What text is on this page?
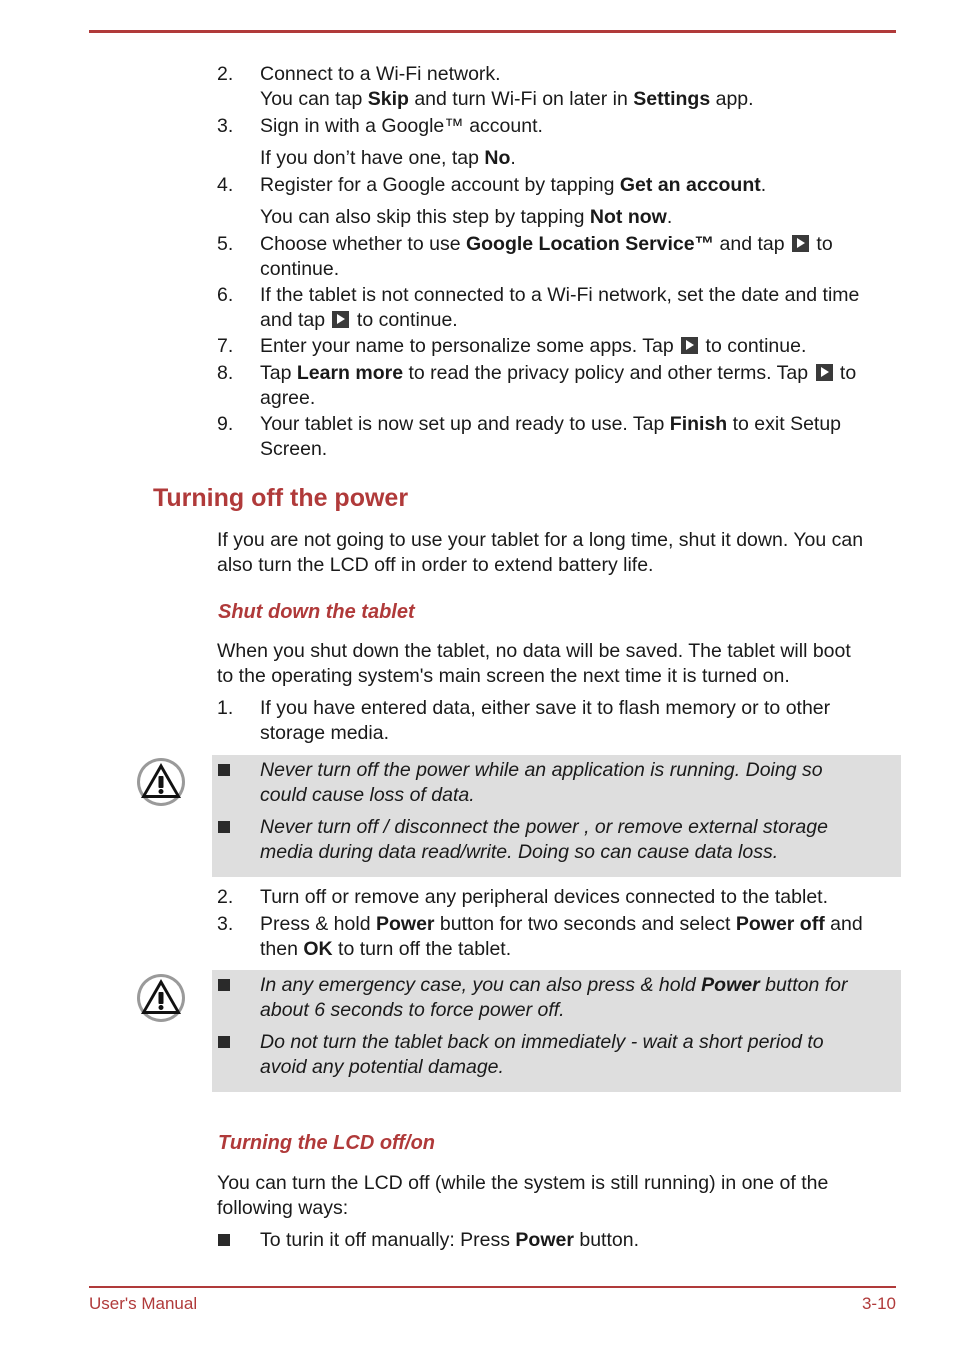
2. Connect to a Wi-Fi network.
You can tap Skip and turn Wi-Fi on later in Settings app.
3. Sign in with a Google™ account.
If you don’t have one, tap No.
4. Register for a Google account by tapping Get an account.
You can also skip this step by tapping Not now.
5. Choose whether to use Google Location Service™ and tap  to
continue.
6. If the tablet is not connected to a Wi-Fi network, set the date and time
and tap  to continue.
7. Enter your name to personalize some apps. Tap  to continue.
8. Tap Learn more to read the privacy policy and other terms. Tap  to
agree.
9. Your tablet is now set up and ready to use. Tap Finish to exit Setup
Screen.
Turning off the power
If you are not going to use your tablet for a long time, shut it down. You can
also turn the LCD off in order to extend battery life.
Shut down the tablet
When you shut down the tablet, no data will be saved. The tablet will boot
to the operating system's main screen the next time it is turned on.
1. If you have entered data, either save it to flash memory or to other
storage media.
Never turn off the power while an application is running. Doing so
could cause loss of data.
Never turn off / disconnect the power , or remove external storage
media during data read/write. Doing so can cause data loss.
2. Turn off or remove any peripheral devices connected to the tablet.
3. Press & hold Power button for two seconds and select Power off and
then OK to turn off the tablet.
In any emergency case, you can also press & hold Power button for
about 6 seconds to force power off.
Do not turn the tablet back on immediately - wait a short period to
avoid any potential damage.
Turning the LCD off/on
You can turn the LCD off (while the system is still running) in one of the
following ways:
To turin it off manually: Press Power button.
User's Manual	3-10
